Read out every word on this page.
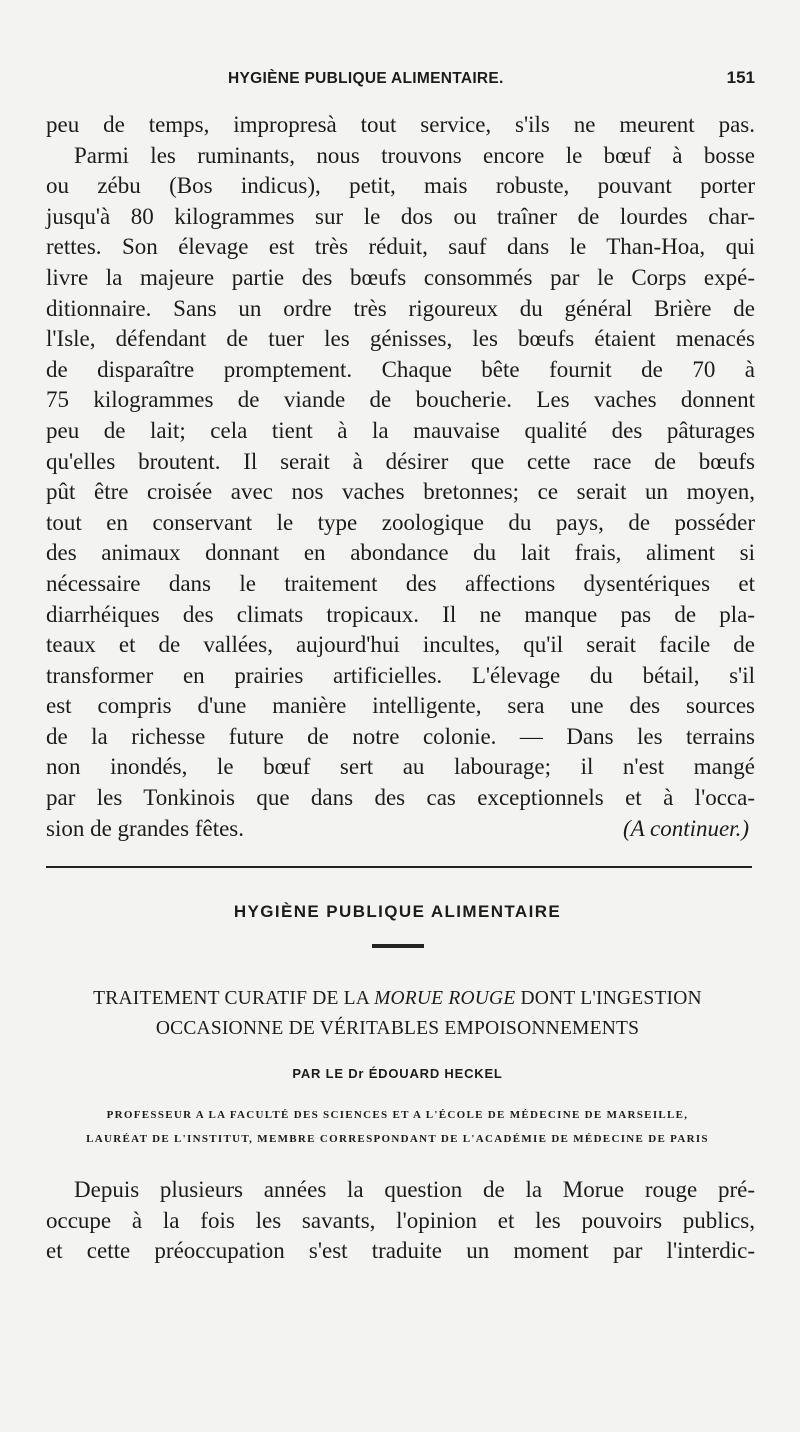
HYGIÈNE PUBLIQUE ALIMENTAIRE.	151

peu de temps, impropresà tout service, s'ils ne meurent pas.

Parmi les ruminants, nous trouvons encore le bœuf à bosse
ou zébu (Bos indicus), petit, mais robuste, pouvant porter
jusqu'à 80 kilogrammes sur le dos ou traîner de lourdes char-
rettes. Son élevage est très réduit, sauf dans le Than-Hoa, qui
livre la majeure partie des bœufs consommés par le Corps expé-
ditionnaire. Sans un ordre très rigoureux du général Brière de
l'Isle, défendant de tuer les génisses, les bœufs étaient menacés
de disparaître promptement. Chaque bête fournit de 70 à
75 kilogrammes de viande de boucherie. Les vaches donnent
peu de lait; cela tient à la mauvaise qualité des pâturages
qu'elles broutent. Il serait à désirer que cette race de bœufs
pût être croisée avec nos vaches bretonnes; ce serait un moyen,
tout en conservant le type zoologique du pays, de posséder
des animaux donnant en abondance du lait frais, aliment si
nécessaire dans le traitement des affections dysentériques et
diarrhéiques des climats tropicaux. Il ne manque pas de pla-
teaux et de vallées, aujourd'hui incultes, qu'il serait facile de
transformer en prairies artificielles. L'élevage du bétail, s'il
est compris d'une manière intelligente, sera une des sources
de la richesse future de notre colonie. — Dans les terrains
non inondés, le bœuf sert au labourage; il n'est mangé
par les Tonkinois que dans des cas exceptionnels et à l'occa-
sion de grandes fêtes.	(A continuer.)

HYGIÈNE PUBLIQUE ALIMENTAIRE
TRAITEMENT CURATIF DE LA MORUE ROUGE DONT L'INGESTION
OCCASIONNE DE VÉRITABLES EMPOISONNEMENTS
PAR LE Dr ÉDOUARD HECKEL
PROFESSEUR A LA FACULTÉ DES SCIENCES ET A L'ÉCOLE DE MÉDECINE DE MARSEILLE,
LAURÉAT DE L'INSTITUT, MEMBRE CORRESPONDANT DE L'ACADÉMIE DE MÉDECINE DE PARIS

Depuis plusieurs années la question de la Morue rouge pré-
occupe à la fois les savants, l'opinion et les pouvoirs publics,
et cette préoccupation s'est traduite un moment par l'interdic-
